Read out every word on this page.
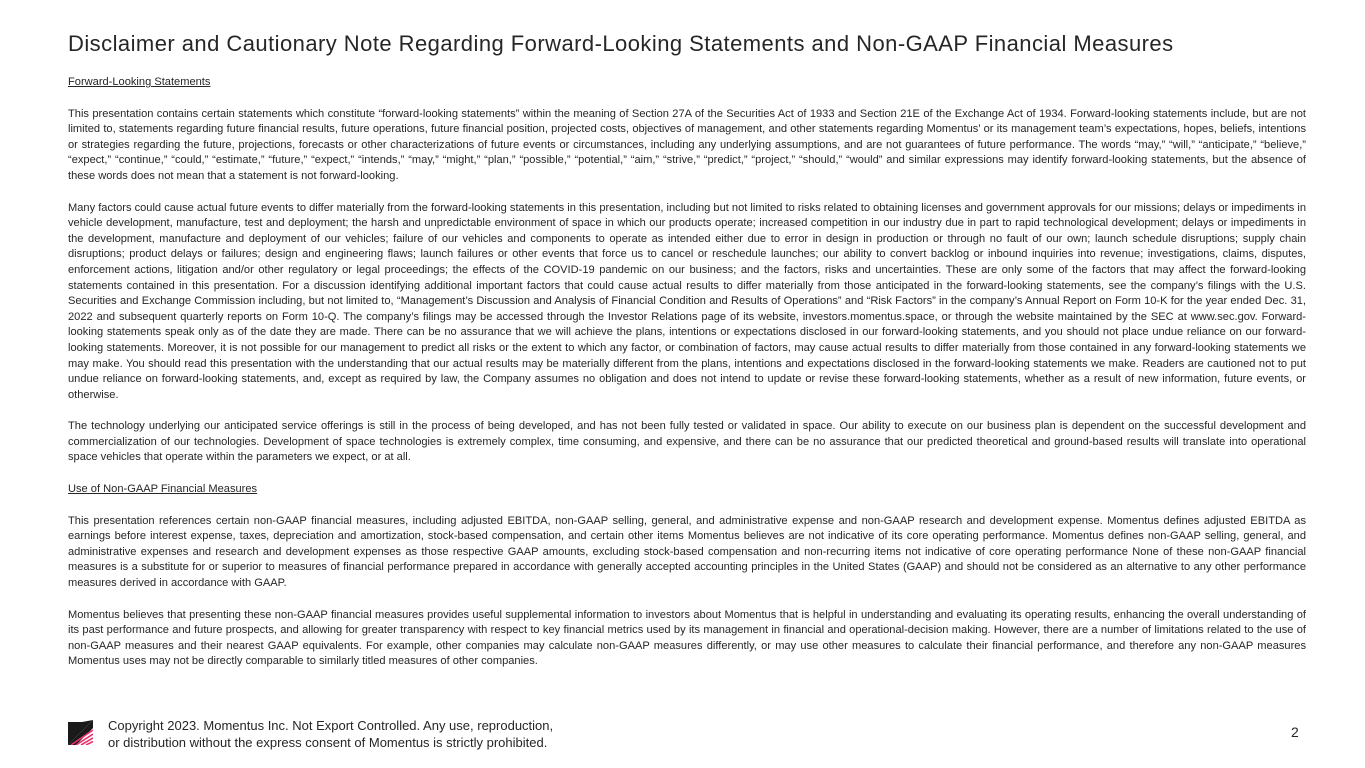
Disclaimer and Cautionary Note Regarding Forward-Looking Statements and Non-GAAP Financial Measures

Forward-Looking Statements

This presentation contains certain statements which constitute “forward-looking statements” within the meaning of Section 27A of the Securities Act of 1933 and Section 21E of the Exchange Act of 1934. Forward-looking statements include, but are not limited to, statements regarding future financial results, future operations, future financial position, projected costs, objectives of management, and other statements regarding Momentus’ or its management team’s expectations, hopes, beliefs, intentions or strategies regarding the future, projections, forecasts or other characterizations of future events or circumstances, including any underlying assumptions, and are not guarantees of future performance. The words “may,” “will,” “anticipate,” “believe,” “expect,” “continue,” “could,” “estimate,” “future,” “expect,” “intends,” “may,” “might,” “plan,” “possible,” “potential,” “aim,” “strive,” “predict,” “project,” “should,” “would” and similar expressions may identify forward-looking statements, but the absence of these words does not mean that a statement is not forward-looking.

Many factors could cause actual future events to differ materially from the forward-looking statements in this presentation, including but not limited to risks related to obtaining licenses and government approvals for our missions; delays or impediments in vehicle development, manufacture, test and deployment; the harsh and unpredictable environment of space in which our products operate; increased competition in our industry due in part to rapid technological development; delays or impediments in the development, manufacture and deployment of our vehicles; failure of our vehicles and components to operate as intended either due to error in design in production or through no fault of our own; launch schedule disruptions; supply chain disruptions; product delays or failures; design and engineering flaws; launch failures or other events that force us to cancel or reschedule launches; our ability to convert backlog or inbound inquiries into revenue; investigations, claims, disputes, enforcement actions, litigation and/or other regulatory or legal proceedings; the effects of the COVID-19 pandemic on our business; and the factors, risks and uncertainties. These are only some of the factors that may affect the forward-looking statements contained in this presentation. For a discussion identifying additional important factors that could cause actual results to differ materially from those anticipated in the forward-looking statements, see the company’s filings with the U.S. Securities and Exchange Commission including, but not limited to, “Management’s Discussion and Analysis of Financial Condition and Results of Operations” and “Risk Factors” in the company’s Annual Report on Form 10-K for the year ended Dec. 31, 2022 and subsequent quarterly reports on Form 10-Q. The company’s filings may be accessed through the Investor Relations page of its website, investors.momentus.space, or through the website maintained by the SEC at www.sec.gov. Forward-looking statements speak only as of the date they are made. There can be no assurance that we will achieve the plans, intentions or expectations disclosed in our forward-looking statements, and you should not place undue reliance on our forward-looking statements. Moreover, it is not possible for our management to predict all risks or the extent to which any factor, or combination of factors, may cause actual results to differ materially from those contained in any forward-looking statements we may make. You should read this presentation with the understanding that our actual results may be materially different from the plans, intentions and expectations disclosed in the forward-looking statements we make. Readers are cautioned not to put undue reliance on forward-looking statements, and, except as required by law, the Company assumes no obligation and does not intend to update or revise these forward-looking statements, whether as a result of new information, future events, or otherwise.

The technology underlying our anticipated service offerings is still in the process of being developed, and has not been fully tested or validated in space. Our ability to execute on our business plan is dependent on the successful development and commercialization of our technologies. Development of space technologies is extremely complex, time consuming, and expensive, and there can be no assurance that our predicted theoretical and ground-based results will translate into operational space vehicles that operate within the parameters we expect, or at all.

Use of Non-GAAP Financial Measures

This presentation references certain non-GAAP financial measures, including adjusted EBITDA, non-GAAP selling, general, and administrative expense and non-GAAP research and development expense. Momentus defines adjusted EBITDA as earnings before interest expense, taxes, depreciation and amortization, stock-based compensation, and certain other items Momentus believes are not indicative of its core operating performance. Momentus defines non-GAAP selling, general, and administrative expenses and research and development expenses as those respective GAAP amounts, excluding stock-based compensation and non-recurring items not indicative of core operating performance None of these non-GAAP financial measures is a substitute for or superior to measures of financial performance prepared in accordance with generally accepted accounting principles in the United States (GAAP) and should not be considered as an alternative to any other performance measures derived in accordance with GAAP.

Momentus believes that presenting these non-GAAP financial measures provides useful supplemental information to investors about Momentus that is helpful in understanding and evaluating its operating results, enhancing the overall understanding of its past performance and future prospects, and allowing for greater transparency with respect to key financial metrics used by its management in financial and operational-decision making. However, there are a number of limitations related to the use of non-GAAP measures and their nearest GAAP equivalents. For example, other companies may calculate non-GAAP measures differently, or may use other measures to calculate their financial performance, and therefore any non-GAAP measures Momentus uses may not be directly comparable to similarly titled measures of other companies.

Copyright 2023. Momentus Inc. Not Export Controlled. Any use, reproduction,
or distribution without the express consent of Momentus is strictly prohibited.
2
